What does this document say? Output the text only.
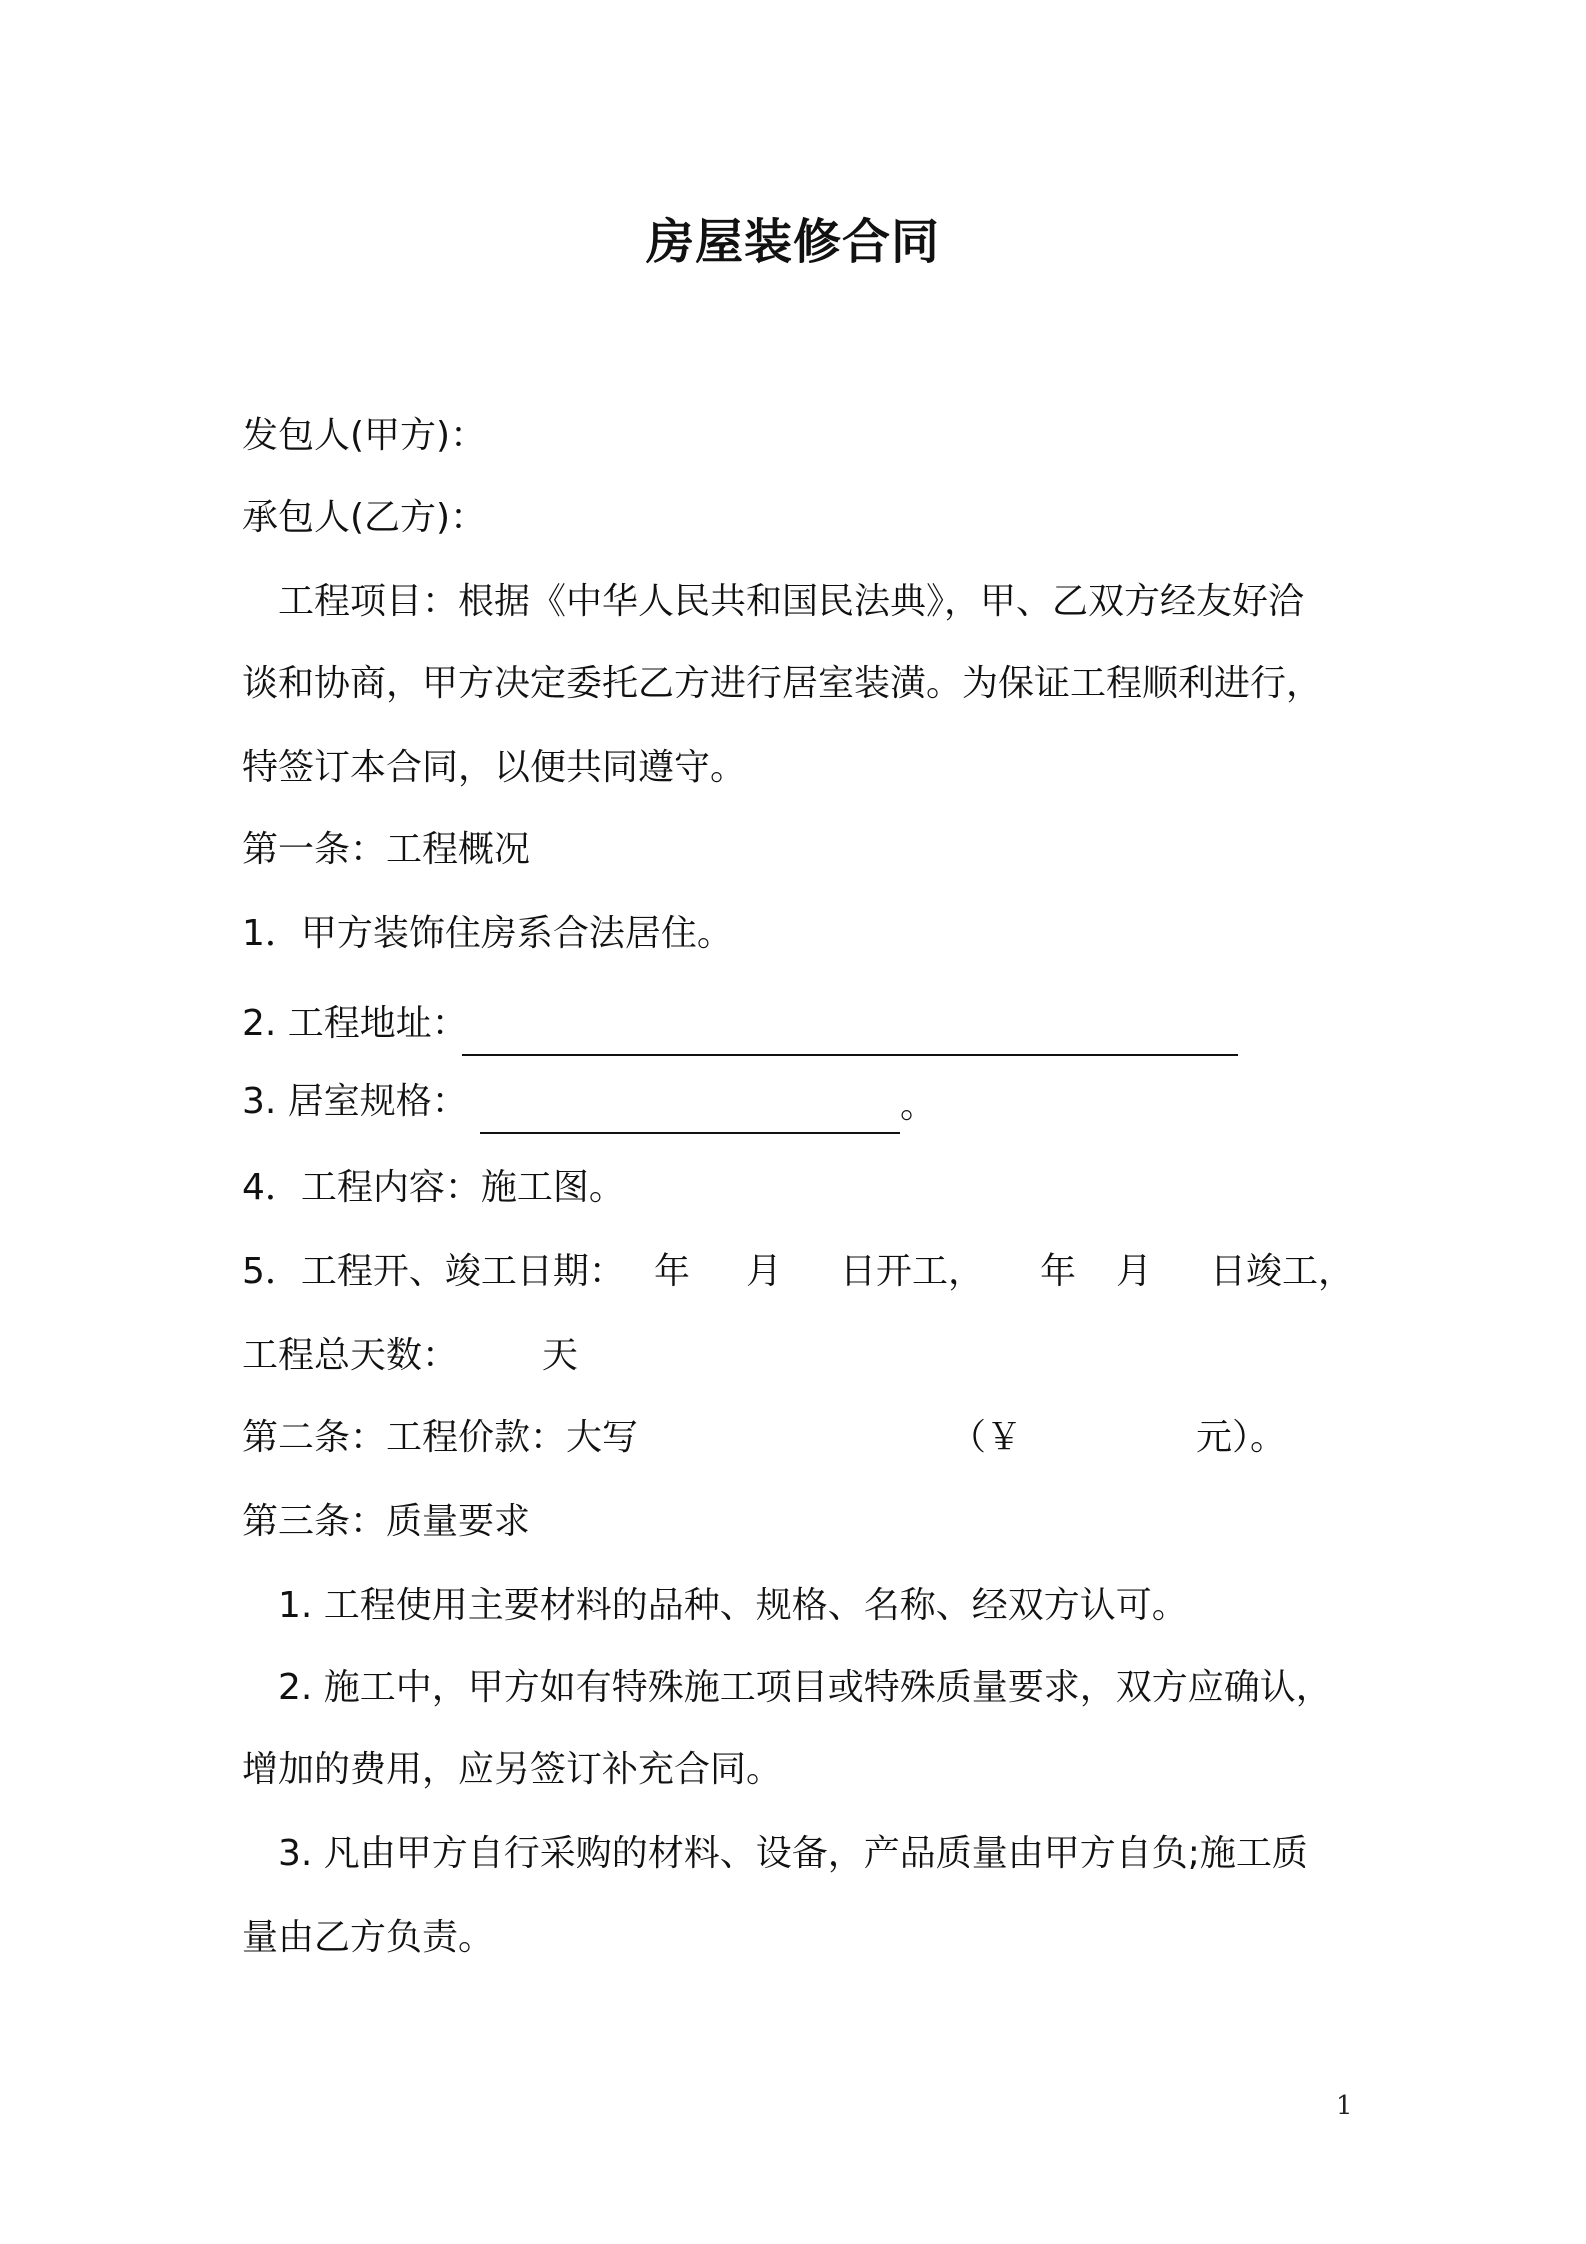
房屋装修合同
发包人(甲方)：
承包人(乙方)：
工程项目：根据《中华人民共和国民法典》，甲、乙双方经友好洽
谈和协商，甲方决定委托乙方进行居室装潢。为保证工程顺利进行，
特签订本合同，以便共同遵守。
第一条：工程概况
1．甲方装饰住房系合法居住。
2. 工程地址：
3. 居室规格：	。
4．工程内容：施工图。
5．工程开、竣工日期： 年 月 日开工， 年 月 日竣工，
工程总天数： 天
第二条：工程价款：大写	（￥	元）。
第三条：质量要求
1. 工程使用主要材料的品种、规格、名称、经双方认可。
2. 施工中，甲方如有特殊施工项目或特殊质量要求，双方应确认，
增加的费用，应另签订补充合同。
3. 凡由甲方自行采购的材料、设备，产品质量由甲方自负;施工质
量由乙方负责。
1
